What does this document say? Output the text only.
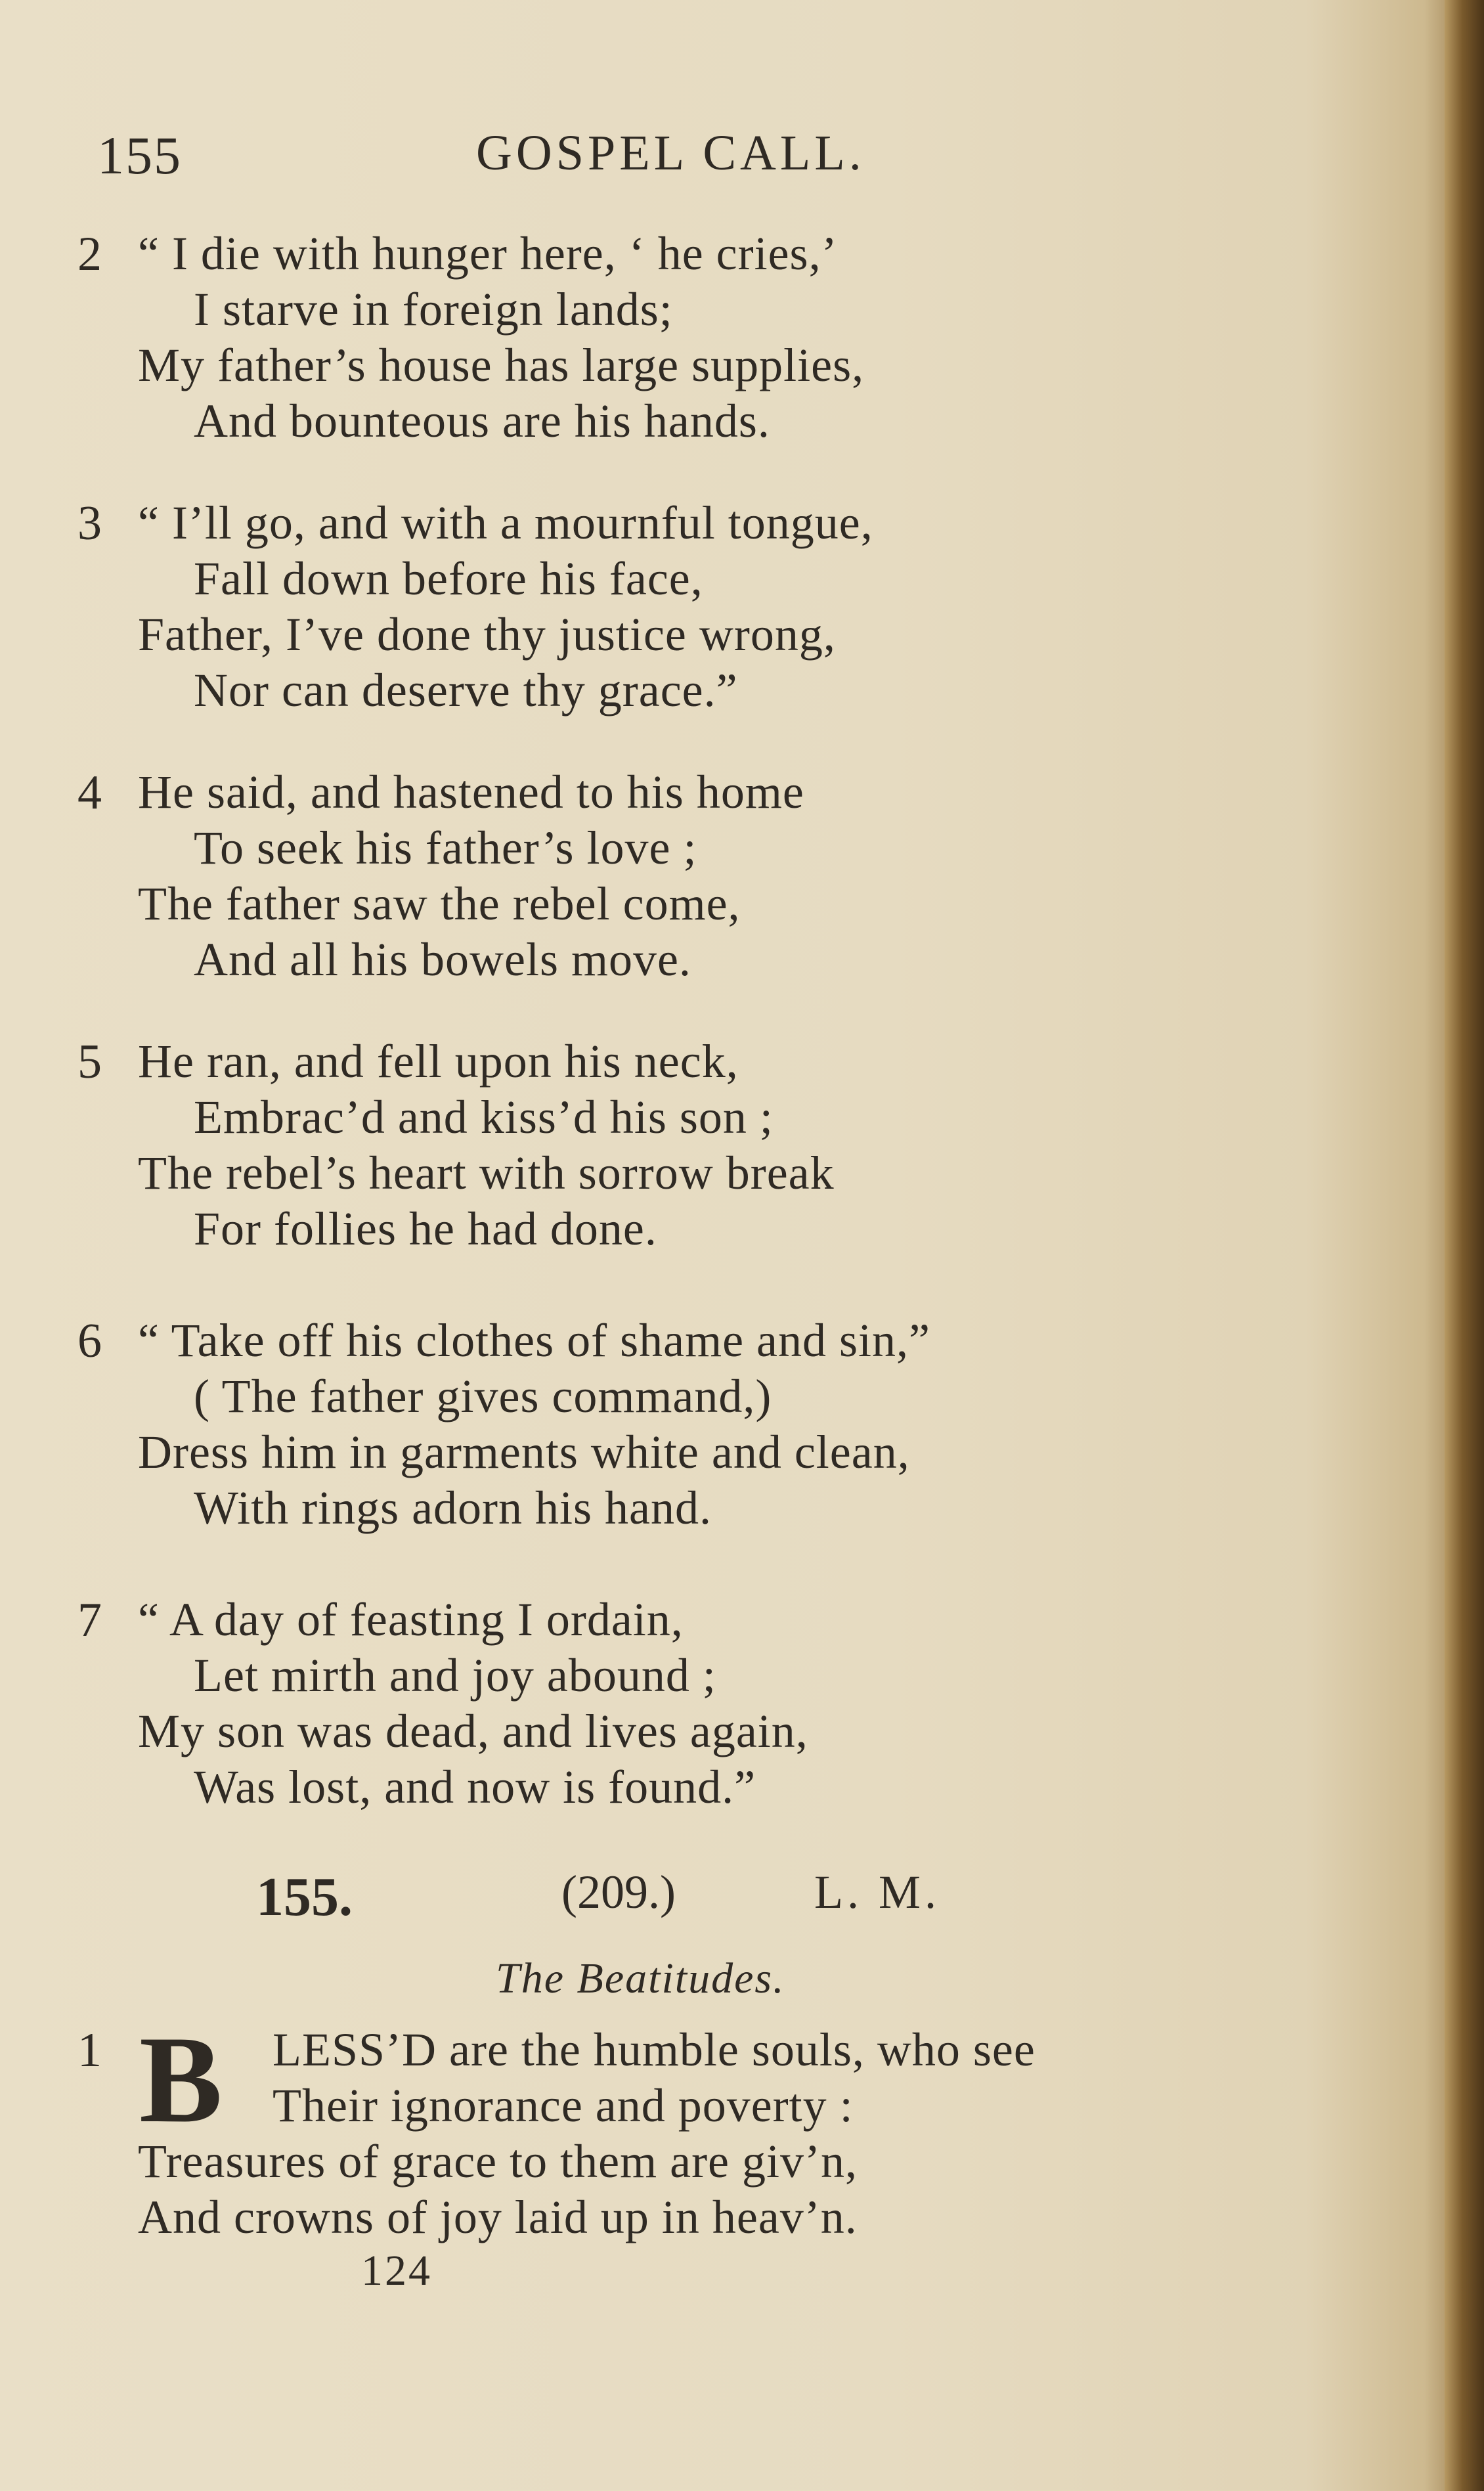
155	GOSPEL CALL.
2 “ I die with hunger here, ‘ he cries,’
I starve in foreign lands;
My father’s house has large supplies,
And bounteous are his hands.
3 “ I’ll go, and with a mournful tongue,
Fall down before his face,
Father, I’ve done thy justice wrong,
Nor can deserve thy grace.”
4 He said, and hastened to his home
To seek his father’s love ;
The father saw the rebel come,
And all his bowels move.
5 He ran, and fell upon his neck,
Embrac’d and kiss’d his son ;
The rebel’s heart with sorrow break
For follies he had done.
6 “ Take off his clothes of shame and sin,”
( The father gives command,)
Dress him in garments white and clean,
With rings adorn his hand.
7 “ A day of feasting I ordain,
Let mirth and joy abound ;
My son was dead, and lives again,
Was lost, and now is found.”
155.	(209.)	L. M.
The Beatitudes.
1	LESS’D are the humble souls, who see
Their ignorance and poverty :
Treasures of grace to them are giv’n,
And crowns of joy laid up in heav’n.
B
124
